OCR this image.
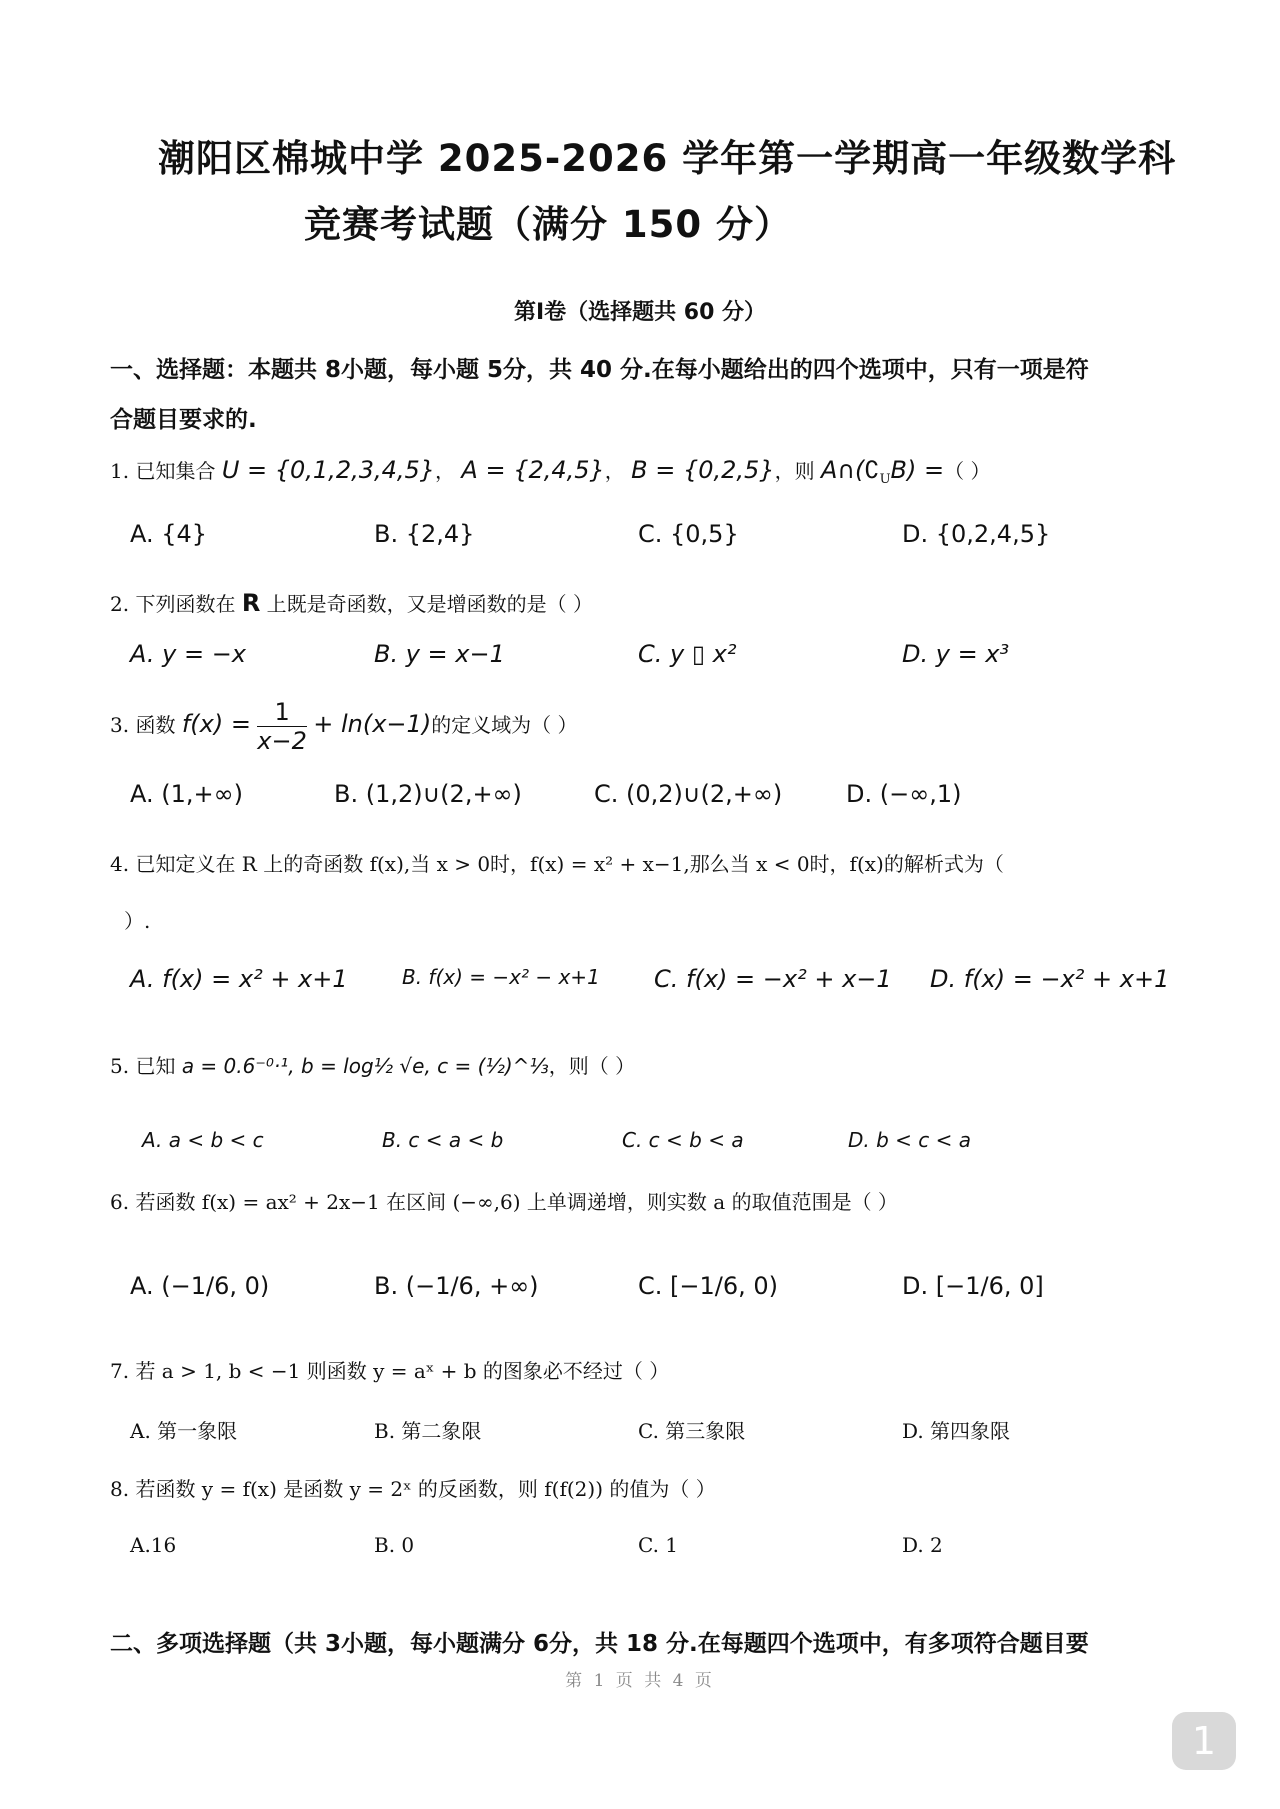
潮阳区棉城中学 2025-2026 学年第一学期高一年级数学科
竞赛考试题（满分 150 分）
第Ⅰ卷（选择题共 60 分）
一、选择题：本题共 8小题，每小题 5分，共 40 分.在每小题给出的四个选项中，只有一项是符
合题目要求的.
1. 已知集合 U = {0,1,2,3,4,5}， A = {2,4,5}， B = {0,2,5}，则 $A\cap(∁_UB)$ =（ ）
A. {4}	B. {2,4}	C. {0,5}	D. {0,2,4,5}
2. 下列函数在 R 上既是奇函数，又是增函数的是（ ）
A. y = −x	B. y = x−1	C. y ▯ x²	D. y = x³
3. 函数 $f(x) = \frac{1}{x-2} + \ln(x-1)$的定义域为（ ）
A. (1,+∞)	B. (1,2)∪(2,+∞)	C. (0,2)∪(2,+∞)	D. (−∞,1)
4. 已知定义在 R 上的奇函数 f(x),当 x > 0时，f(x) = x² + x−1,那么当 x < 0时，f(x)的解析式为（
）.
A. f(x) = x² + x+1	B. f(x) = −x² − x+1 C. f(x) = −x² + x−1 D. f(x) = −x² + x+1
5. 已知 a = 0.6⁻⁰·¹, b = log½ √e, c = (½)^⅓，则（ ）
A. a < b < c	B. c < a < b	C. c < b < a	D. b < c < a
6. 若函数 f(x) = ax² + 2x−1 在区间 (−∞,6) 上单调递增，则实数 a 的取值范围是（ ）
A. (−1/6, 0)	B. (−1/6, +∞)	C. [−1/6, 0)	D. [−1/6, 0]
7. 若 a > 1, b < −1 则函数 y = aˣ + b 的图象必不经过（ ）
A. 第一象限	B. 第二象限	C. 第三象限	D. 第四象限
8. 若函数 y = f(x) 是函数 y = 2ˣ 的反函数，则 f(f(2)) 的值为（ ）
A.16	B. 0	C. 1	D. 2
二、多项选择题（共 3小题，每小题满分 6分，共 18 分.在每题四个选项中，有多项符合题目要
第 1 页 共 4 页
1
